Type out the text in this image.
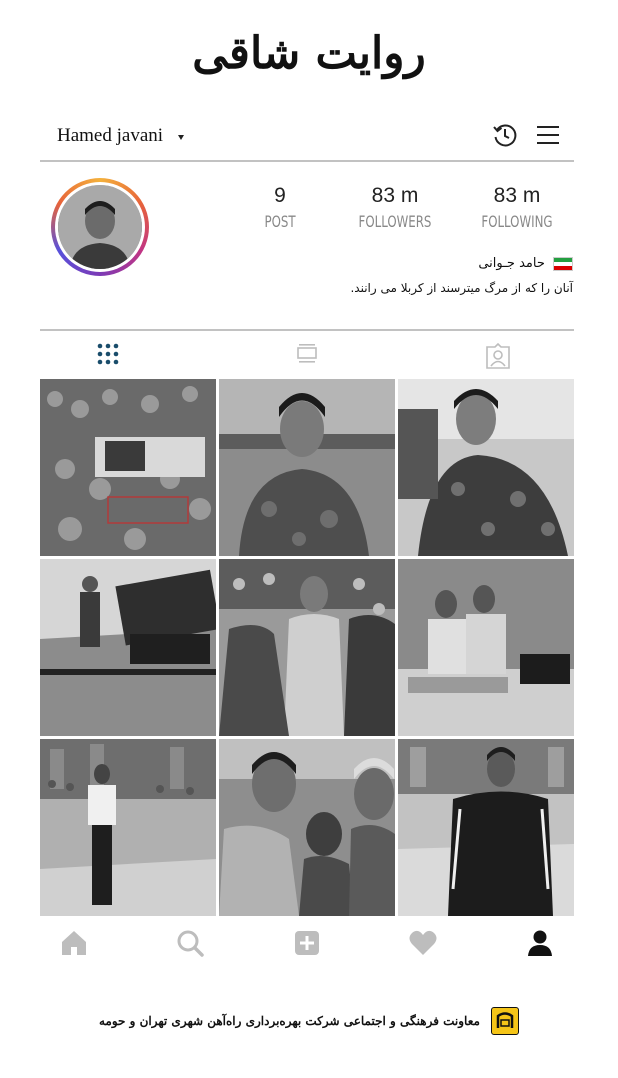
روایت شاقی
Hamed javani
9
POST
83 m
FOLLOWERS
83 m
FOLLOWING
حامد جـوانی
آنان را که از مرگ میترسند از کربلا می رانند.
معاونت فرهنگی و اجتماعی شرکت بهره‌برداری راه‌آهن شهری تهران و حومه
